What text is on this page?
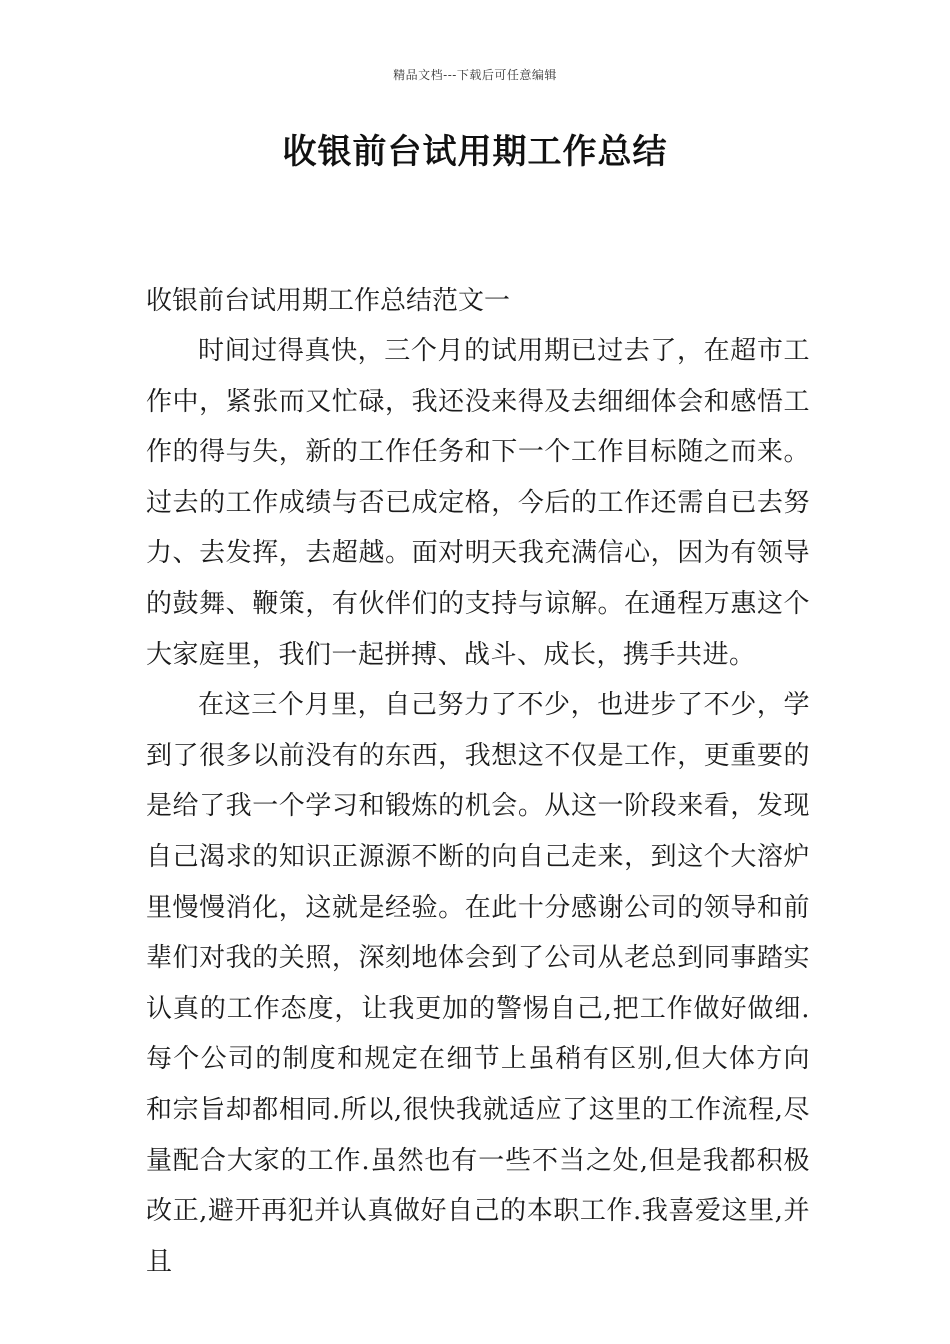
精品文档---下载后可任意编辑
收银前台试用期工作总结

收银前台试用期工作总结范文一

时间过得真快，三个月的试用期已过去了，在超市工作中，紧张而又忙碌，我还没来得及去细细体会和感悟工作的得与失，新的工作任务和下一个工作目标随之而来。过去的工作成绩与否已成定格，今后的工作还需自已去努力、去发挥，去超越。面对明天我充满信心，因为有领导的鼓舞、鞭策，有伙伴们的支持与谅解。在通程万惠这个大家庭里，我们一起拼搏、战斗、成长，携手共进。

在这三个月里，自己努力了不少，也进步了不少，学到了很多以前没有的东西，我想这不仅是工作，更重要的是给了我一个学习和锻炼的机会。从这一阶段来看，发现自己渴求的知识正源源不断的向自己走来，到这个大溶炉里慢慢消化，这就是经验。在此十分感谢公司的领导和前辈们对我的关照，深刻地体会到了公司从老总到同事踏实认真的工作态度，让我更加的警惕自己,把工作做好做细.每个公司的制度和规定在细节上虽稍有区别,但大体方向和宗旨却都相同.所以,很快我就适应了这里的工作流程,尽量配合大家的工作.虽然也有一些不当之处,但是我都积极改正,避开再犯并认真做好自己的本职工作.我喜爱这里,并且
